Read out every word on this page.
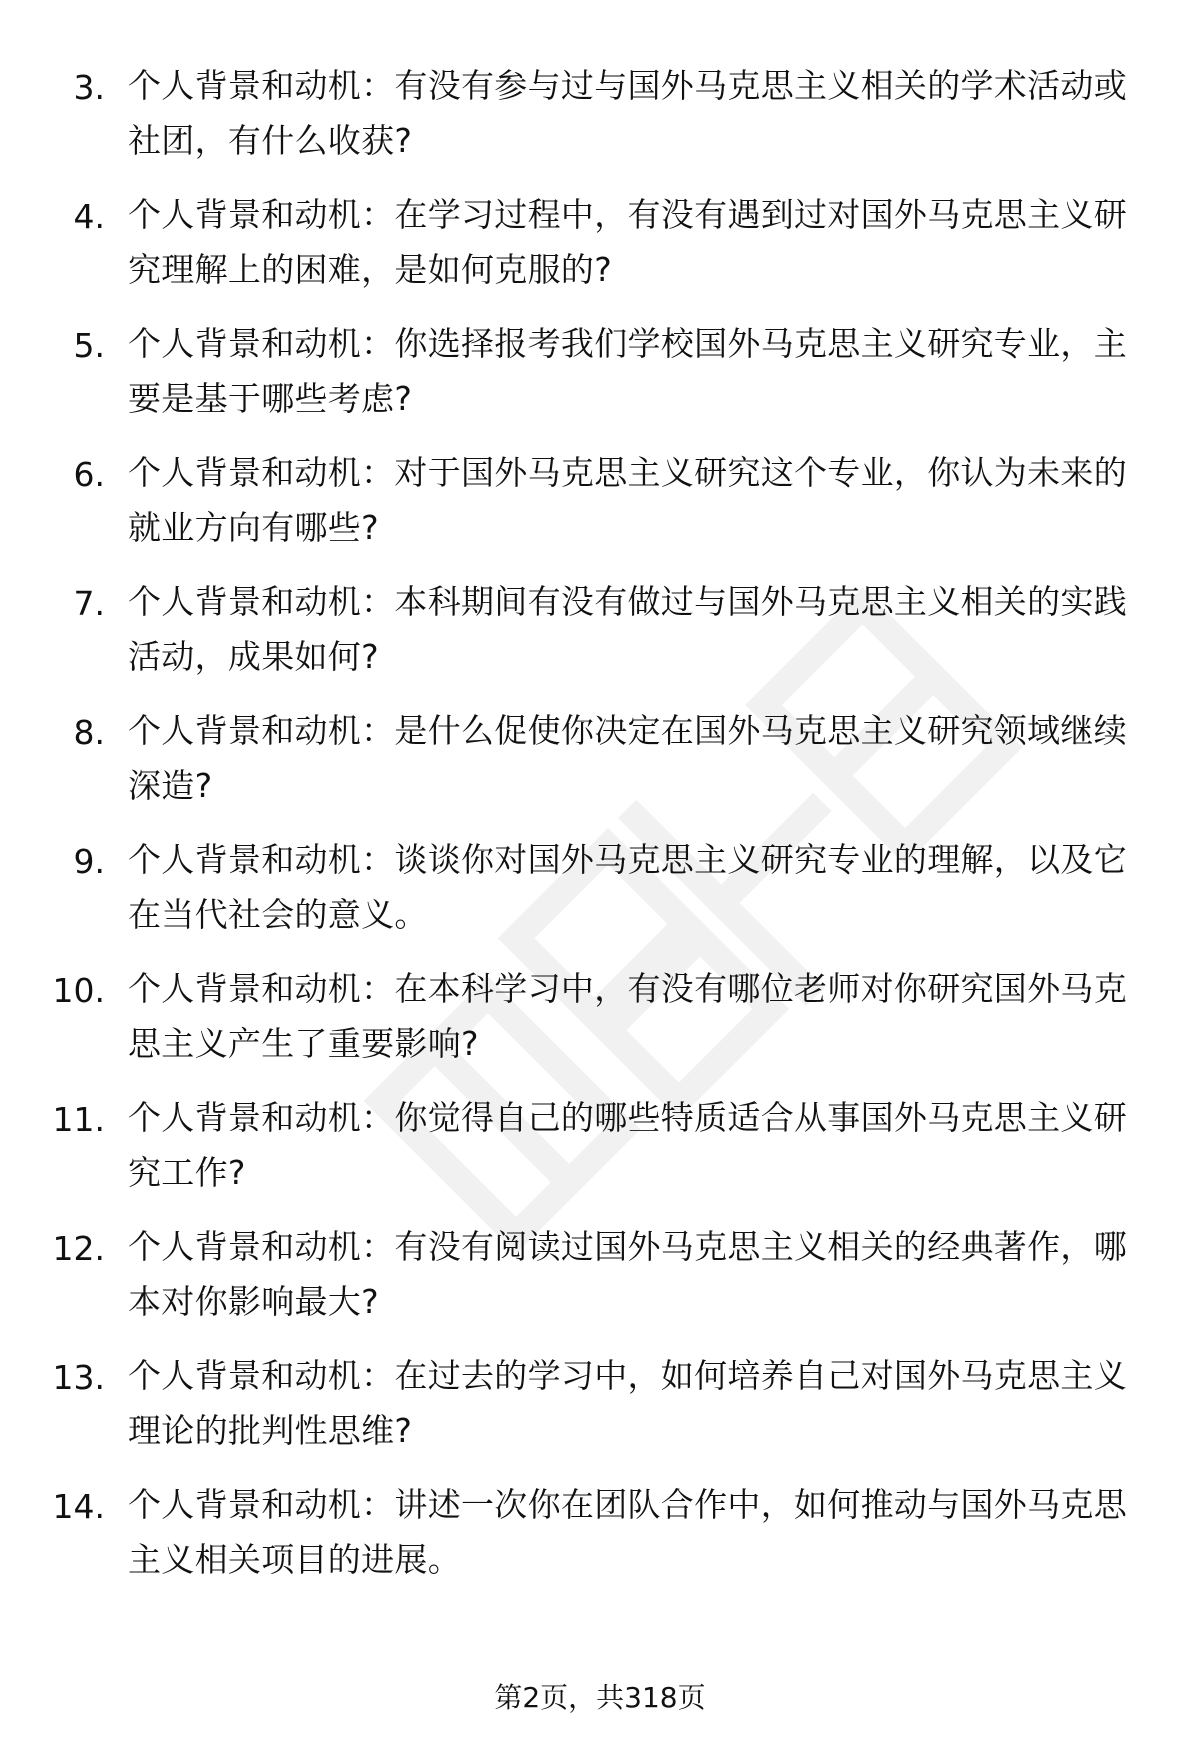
3. 个人背景和动机：有没有参与过与国外马克思主义相关的学术活动或社团，有什么收获?
4. 个人背景和动机：在学习过程中，有没有遇到过对国外马克思主义研究理解上的困难，是如何克服的?
5. 个人背景和动机：你选择报考我们学校国外马克思主义研究专业，主要是基于哪些考虑?
6. 个人背景和动机：对于国外马克思主义研究这个专业，你认为未来的就业方向有哪些?
7. 个人背景和动机：本科期间有没有做过与国外马克思主义相关的实践活动，成果如何?
8. 个人背景和动机：是什么促使你决定在国外马克思主义研究领域继续深造?
9. 个人背景和动机：谈谈你对国外马克思主义研究专业的理解，以及它在当代社会的意义。
10. 个人背景和动机：在本科学习中，有没有哪位老师对你研究国外马克思主义产生了重要影响?
11. 个人背景和动机：你觉得自己的哪些特质适合从事国外马克思主义研究工作?
12. 个人背景和动机：有没有阅读过国外马克思主义相关的经典著作，哪本对你影响最大?
13. 个人背景和动机：在过去的学习中，如何培养自己对国外马克思主义理论的批判性思维?
14. 个人背景和动机：讲述一次你在团队合作中，如何推动与国外马克思主义相关项目的进展。
第2页，共318页
